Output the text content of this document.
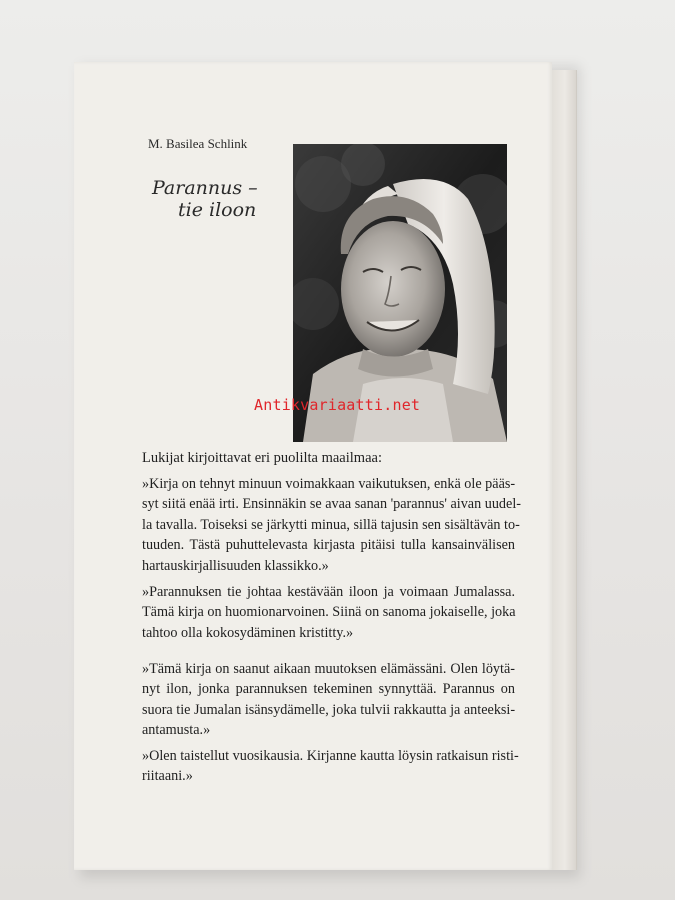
M. Basilea Schlink
Parannus –
tie iloon
Antikvariaatti.net
Lukijat kirjoittavat eri puolilta maailmaa:
»Kirja on tehnyt minuun voimakkaan vaikutuksen, enkä ole pääs-
syt siitä enää irti. Ensinnäkin se avaa sanan 'parannus' aivan uudel-
la tavalla. Toiseksi se järkytti minua, sillä tajusin sen sisältävän to-
tuuden. Tästä puhuttelevasta kirjasta pitäisi tulla kansainvälisen
hartauskirjallisuuden klassikko.»
»Parannuksen tie johtaa kestävään iloon ja voimaan Jumalassa.
Tämä kirja on huomionarvoinen. Siinä on sanoma jokaiselle, joka
tahtoo olla kokosydäminen kristitty.»
»Tämä kirja on saanut aikaan muutoksen elämässäni. Olen löytä-
nyt ilon, jonka parannuksen tekeminen synnyttää. Parannus on
suora tie Jumalan isänsydämelle, joka tulvii rakkautta ja anteeksi-
antamusta.»
»Olen taistellut vuosikausia. Kirjanne kautta löysin ratkaisun risti-
riitaani.»
